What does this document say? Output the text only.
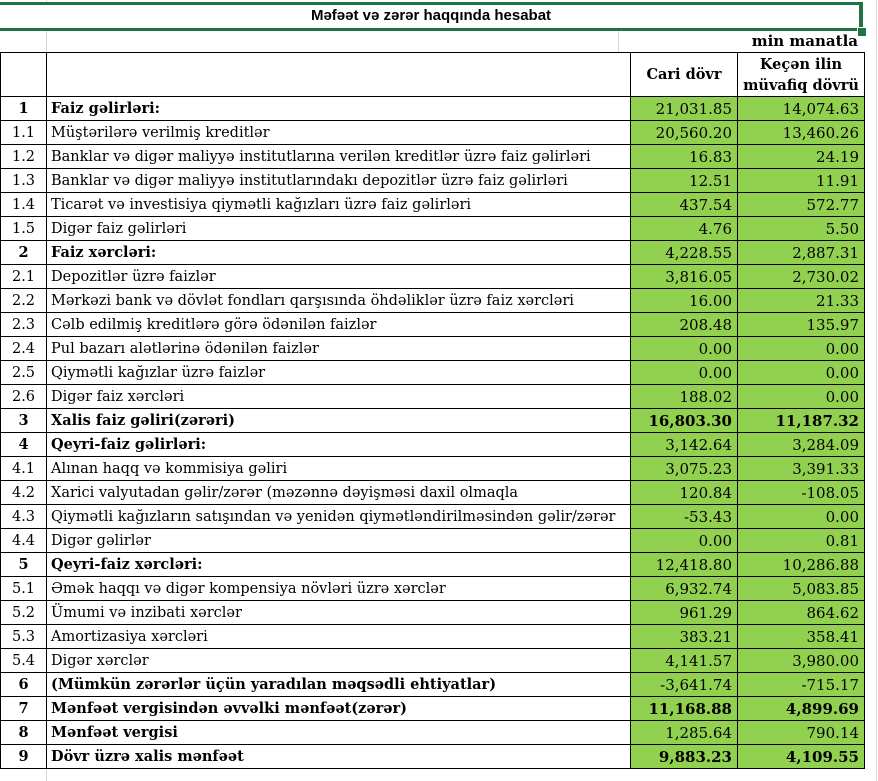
Məfəət və zərər haqqında hesabat
min manatla
		Cari dövr	Keçən ilin müvafiq dövrü
1	Faiz gəlirləri:	21,031.85	14,074.63
1.1	Müştərilərə verilmiş kreditlər	20,560.20	13,460.26
1.2	Banklar və digər maliyyə institutlarına verilən kreditlər üzrə faiz gəlirləri	16.83	24.19
1.3	Banklar və digər maliyyə institutlarındakı depozitlər üzrə faiz gəlirləri	12.51	11.91
1.4	Ticarət və investisiya qiymətli kağızları üzrə faiz gəlirləri	437.54	572.77
1.5	Digər faiz gəlirləri	4.76	5.50
2	Faiz xərcləri:	4,228.55	2,887.31
2.1	Depozitlər üzrə faizlər	3,816.05	2,730.02
2.2	Mərkəzi bank və dövlət fondları qarşısında öhdəliklər üzrə faiz xərcləri	16.00	21.33
2.3	Cəlb edilmiş kreditlərə görə ödənilən faizlər	208.48	135.97
2.4	Pul bazarı alətlərinə ödənilən faizlər	0.00	0.00
2.5	Qiymətli kağızlar üzrə faizlər	0.00	0.00
2.6	Digər faiz xərcləri	188.02	0.00
3	Xalis faiz gəliri(zərəri)	16,803.30	11,187.32
4	Qeyri-faiz gəlirləri:	3,142.64	3,284.09
4.1	Alınan haqq və kommisiya gəliri	3,075.23	3,391.33
4.2	Xarici valyutadan gəlir/zərər (məzənnə dəyişməsi daxil olmaqla	120.84	-108.05
4.3	Qiymətli kağızların satışından və yenidən qiymətləndirilməsindən gəlir/zərər	-53.43	0.00
4.4	Digər gəlirlər	0.00	0.81
5	Qeyri-faiz xərcləri:	12,418.80	10,286.88
5.1	Əmək haqqı və digər kompensiya növləri üzrə xərclər	6,932.74	5,083.85
5.2	Ümumi və inzibati xərclər	961.29	864.62
5.3	Amortizasiya xərcləri	383.21	358.41
5.4	Digər xərclər	4,141.57	3,980.00
6	(Mümkün zərərlər üçün yaradılan məqsədli ehtiyatlar)	-3,641.74	-715.17
7	Mənfəət vergisindən əvvəlki mənfəət(zərər)	11,168.88	4,899.69
8	Mənfəət vergisi	1,285.64	790.14
9	Dövr üzrə xalis mənfəət	9,883.23	4,109.55
